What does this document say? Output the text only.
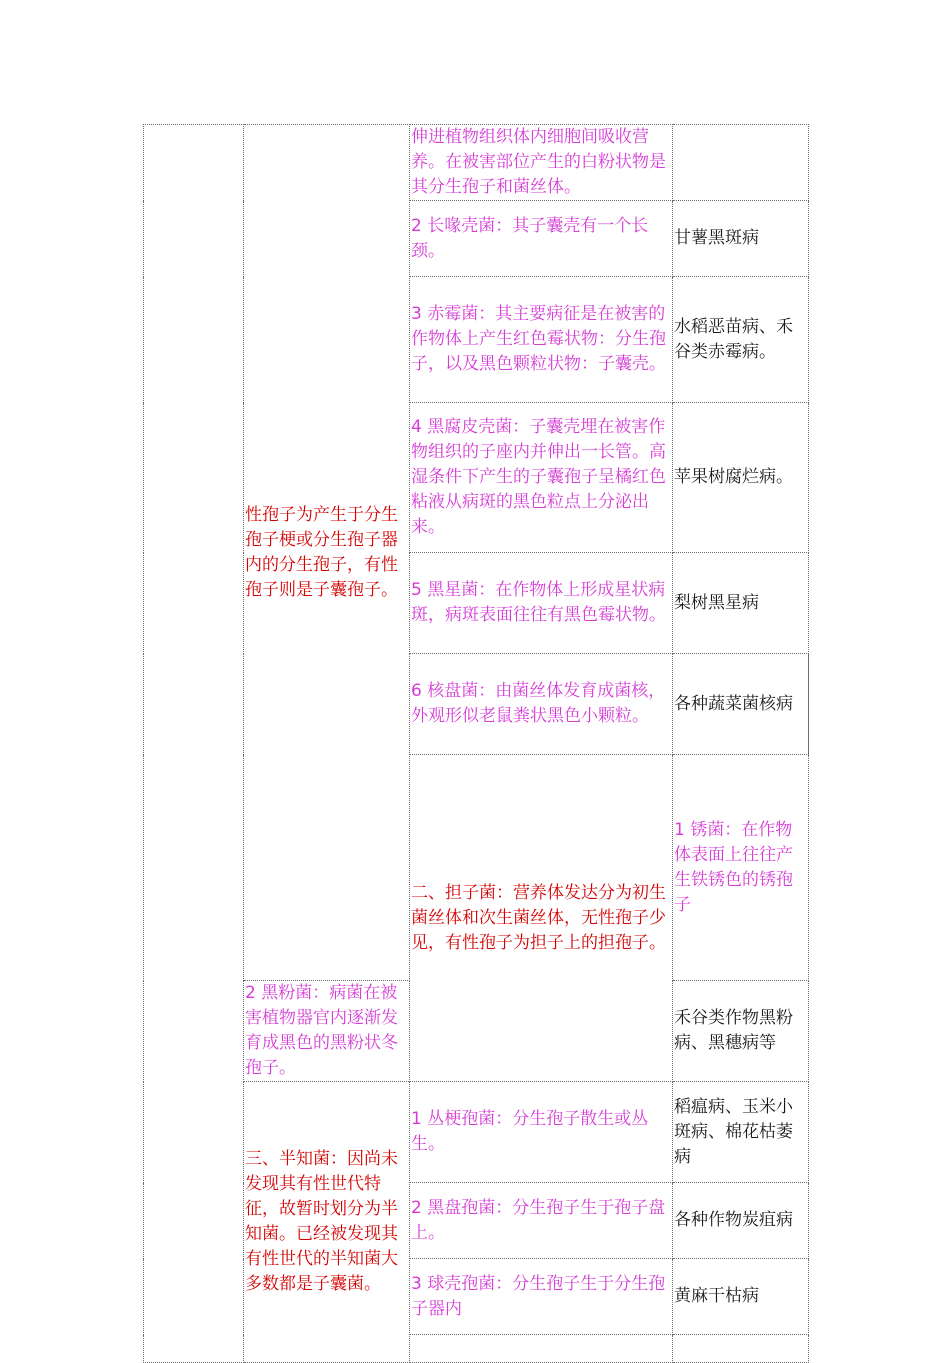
	性孢子为产生于分生孢子梗或分生孢子器内的分生孢子，有性孢子则是子囊孢子。	伸进植物组织体内细胞间吸收营养。在被害部位产生的白粉状物是其分生孢子和菌丝体。		
		2 长喙壳菌：其子囊壳有一个长颈。	甘薯黑斑病	
		3 赤霉菌：其主要病征是在被害的作物体上产生红色霉状物：分生孢子，以及黑色颗粒状物：子囊壳。	水稻恶苗病、禾谷类赤霉病。	
		4 黑腐皮壳菌：子囊壳埋在被害作物组织的子座内并伸出一长管。高湿条件下产生的子囊孢子呈橘红色粘液从病斑的黑色粒点上分泌出来。	苹果树腐烂病。	
		5 黑星菌：在作物体上形成星状病斑，病斑表面往往有黑色霉状物。	梨树黑星病	
		6 核盘菌：由菌丝体发育成菌核，外观形似老鼠粪状黑色小颗粒。	各种蔬菜菌核病	
		二、担子菌：营养体发达分为初生菌丝体和次生菌丝体，无性孢子少见，有性孢子为担子上的担孢子。	1 锈菌：在作物体表面上往往产生铁锈色的锈孢子	
	2 黑粉菌：病菌在被害植物器官内逐渐发育成黑色的黑粉状冬孢子。		禾谷类作物黑粉病、黑穗病等	
	三、半知菌：因尚未发现其有性世代特征，故暂时划分为半知菌。已经被发现其有性世代的半知菌大多数都是子囊菌。	1 丛梗孢菌：分生孢子散生或丛生。	稻瘟病、玉米小斑病、棉花枯萎病	
		2 黑盘孢菌：分生孢子生于孢子盘上。	各种作物炭疽病	
		3 球壳孢菌：分生孢子生于分生孢子器内	黄麻干枯病	
